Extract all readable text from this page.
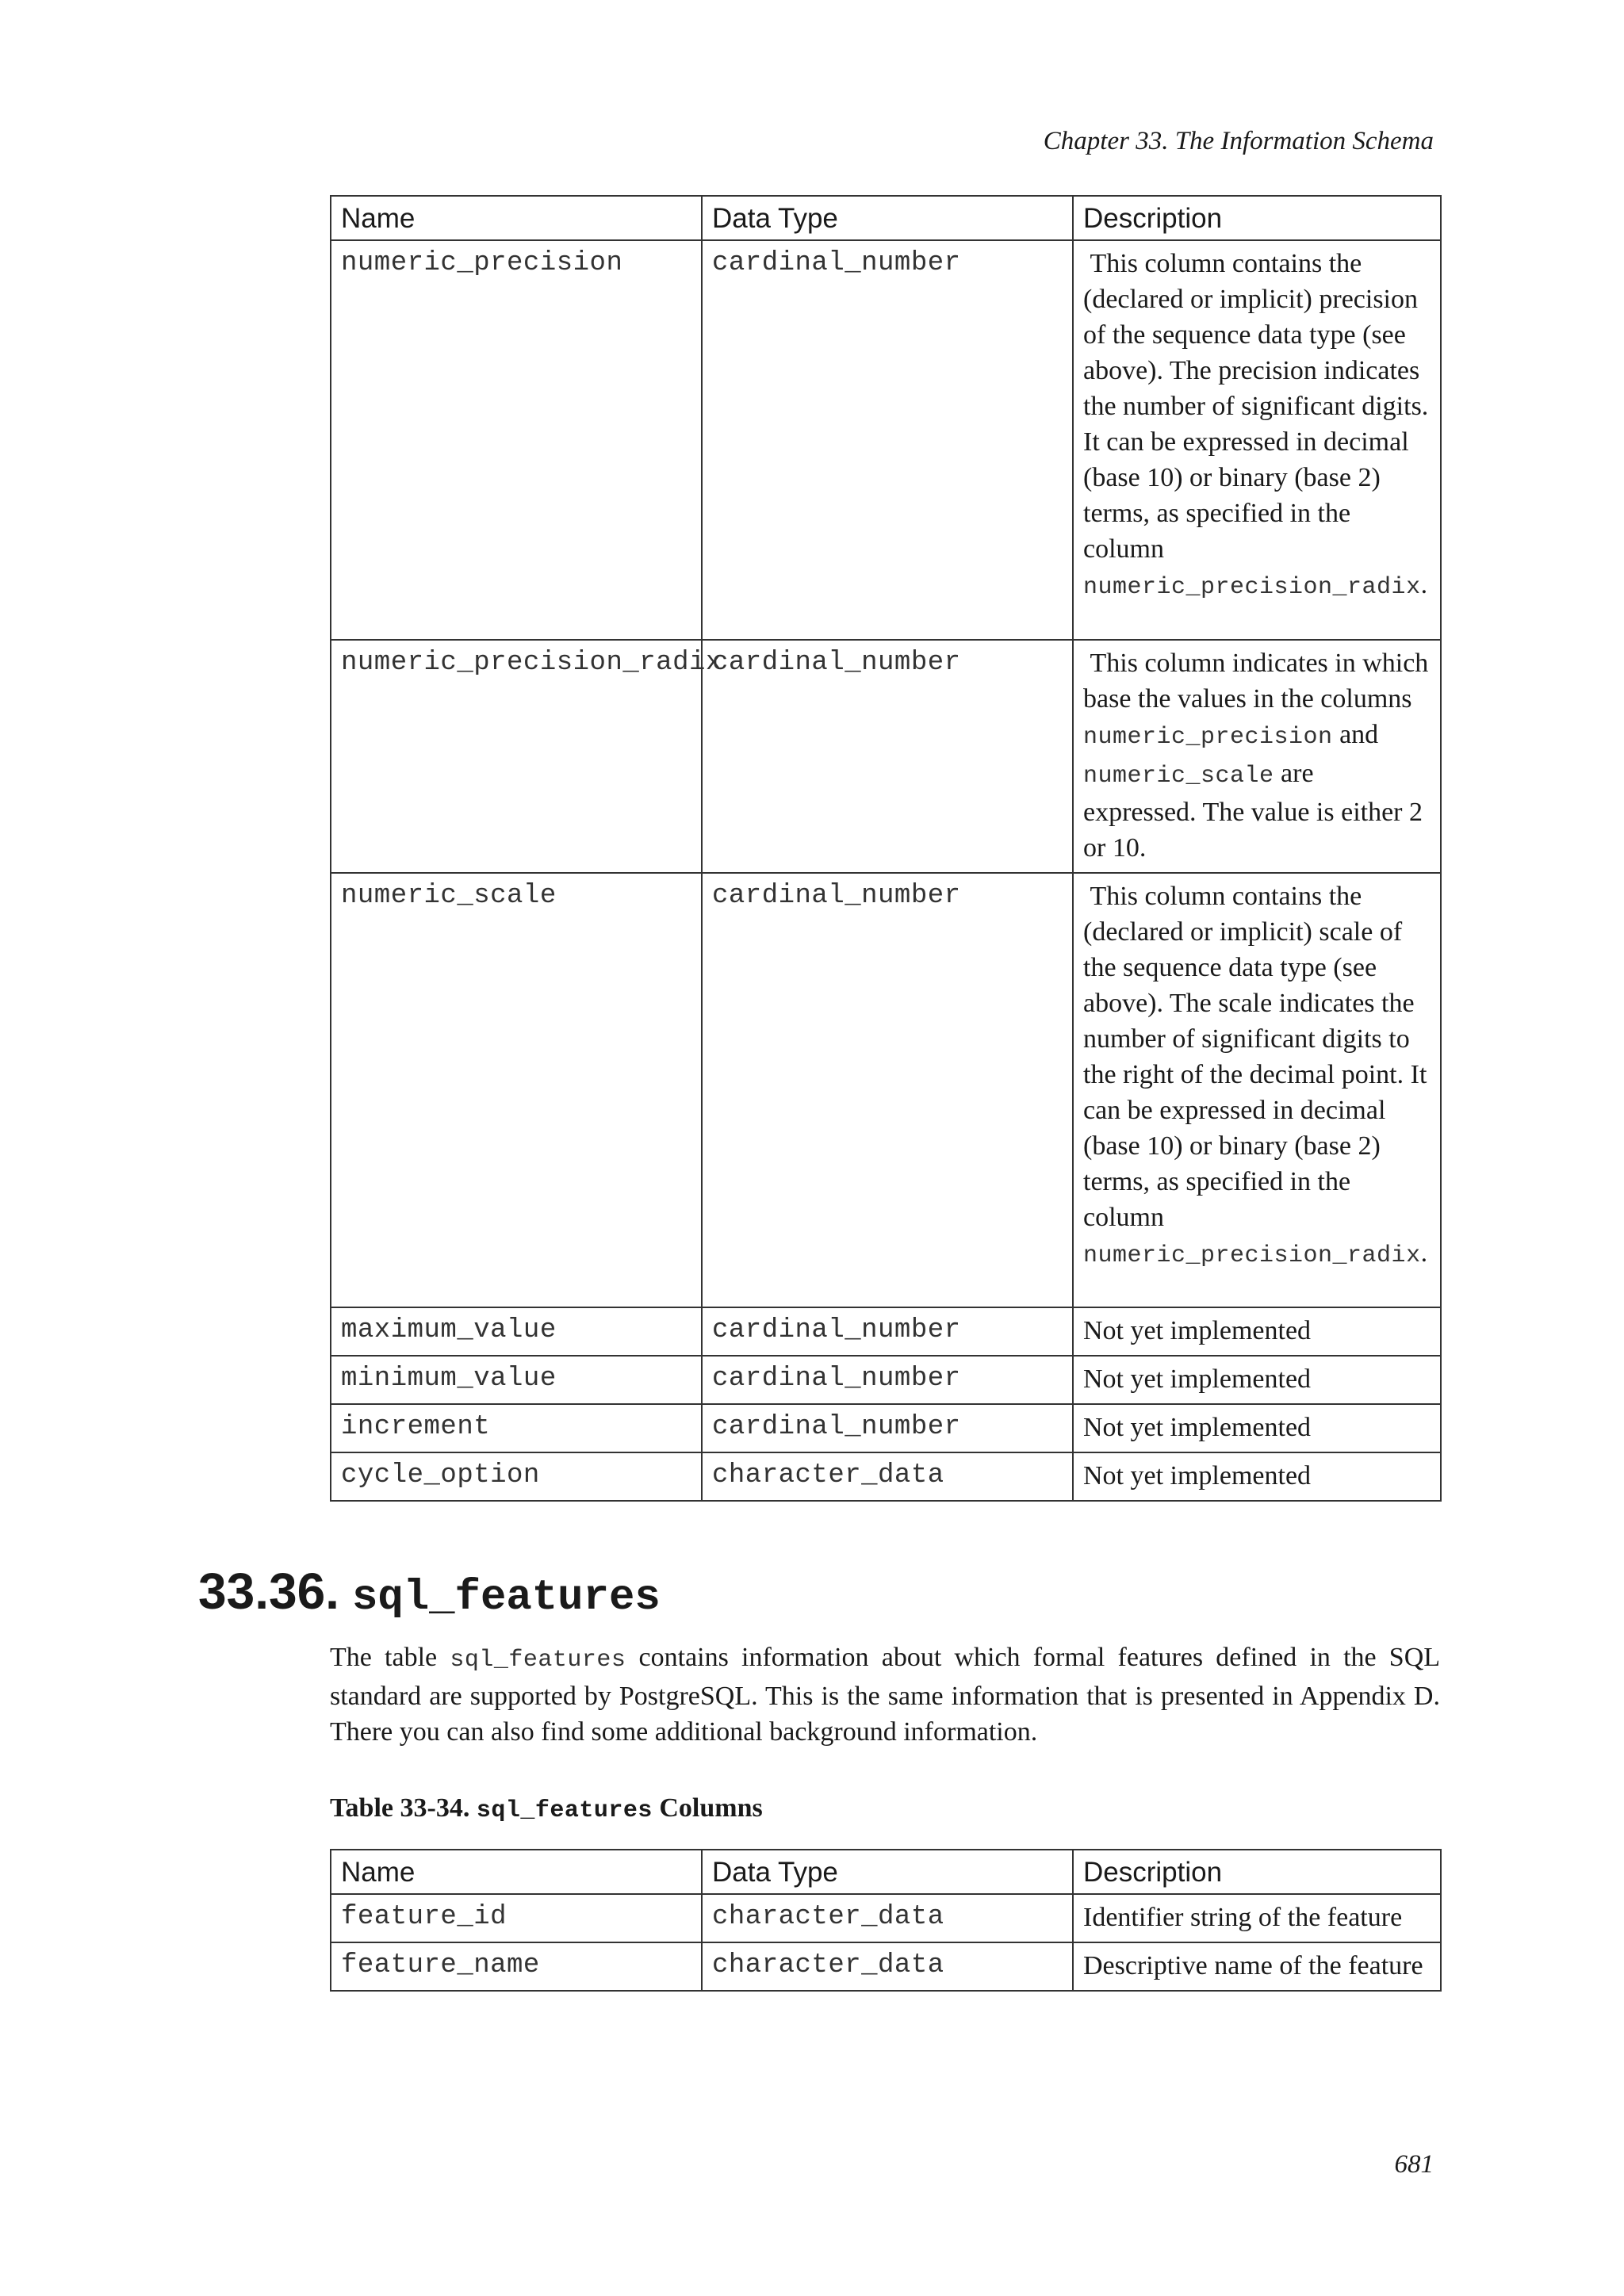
Chapter 33. The Information Schema
Name	Data Type	Description
numeric_precision	cardinal_number	This column contains the (declared or implicit) precision of the sequence data type (see above). The precision indicates the number of significant digits. It can be expressed in decimal (base 10) or binary (base 2) terms, as specified in the column numeric_precision_radix.
numeric_precision_radix	cardinal_number	This column indicates in which base the values in the columns numeric_precision and numeric_scale are expressed. The value is either 2 or 10.
numeric_scale	cardinal_number	This column contains the (declared or implicit) scale of the sequence data type (see above). The scale indicates the number of significant digits to the right of the decimal point. It can be expressed in decimal (base 10) or binary (base 2) terms, as specified in the column numeric_precision_radix.
maximum_value	cardinal_number	Not yet implemented
minimum_value	cardinal_number	Not yet implemented
increment	cardinal_number	Not yet implemented
cycle_option	character_data	Not yet implemented
33.36. sql_features
The table sql_features contains information about which formal features defined in the SQL standard are supported by PostgreSQL. This is the same information that is presented in Appendix D. There you can also find some additional background information.
Table 33-34. sql_features Columns
Name	Data Type	Description
feature_id	character_data	Identifier string of the feature
feature_name	character_data	Descriptive name of the feature
681
